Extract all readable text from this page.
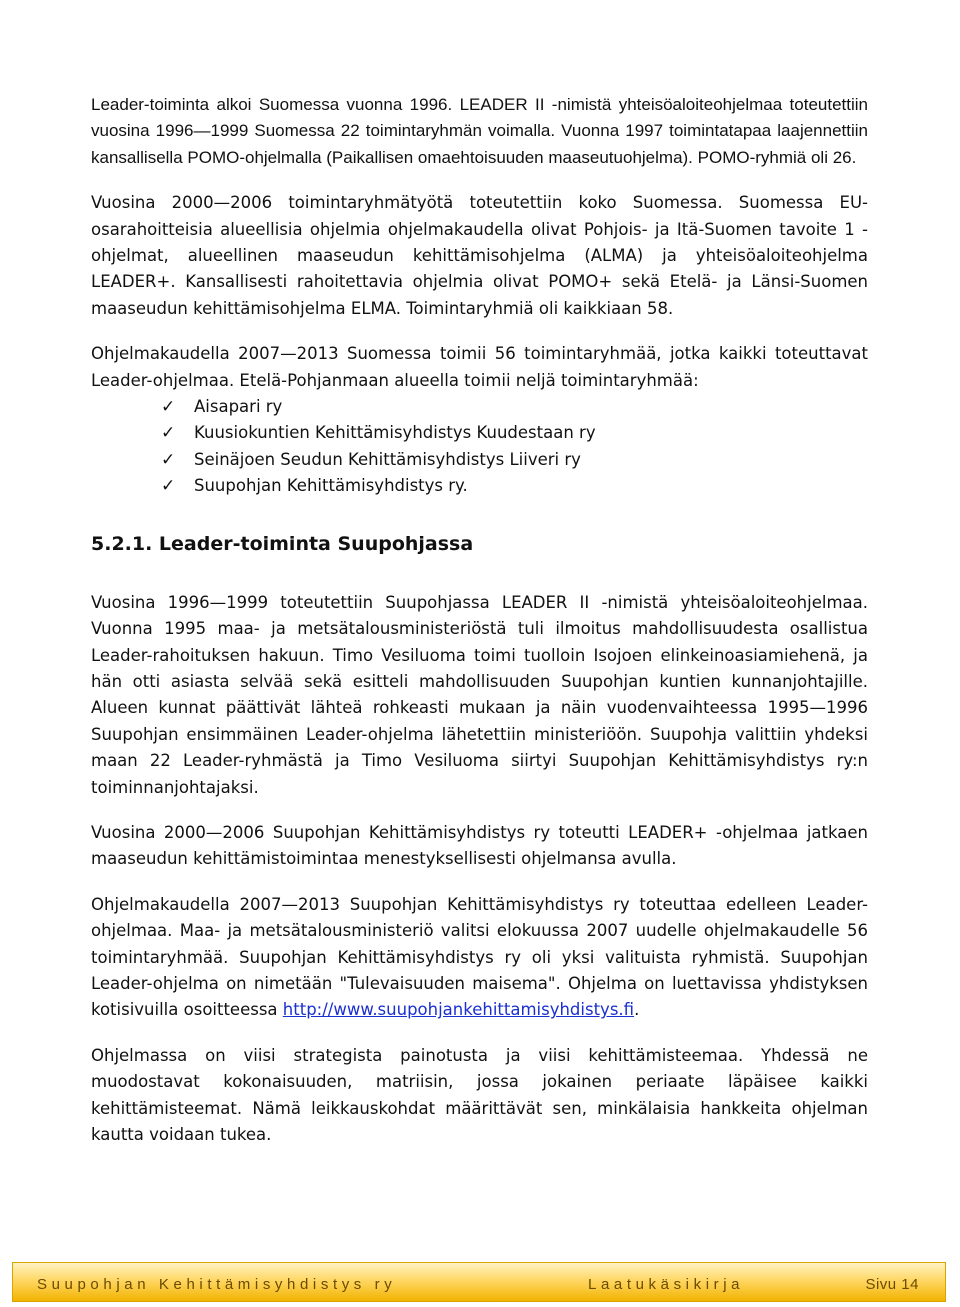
Leader-toiminta alkoi Suomessa vuonna 1996. LEADER II -nimistä yhteisöaloiteohjelmaa toteutettiin vuosina 1996—1999 Suomessa 22 toimintaryhmän voimalla. Vuonna 1997 toimintatapaa laajennettiin kansallisella POMO-ohjelmalla (Paikallisen omaehtoisuuden maaseutuohjelma). POMO-ryhmiä oli 26.

Vuosina 2000—2006 toimintaryhmätyötä toteutettiin koko Suomessa. Suomessa EU-osarahoitteisia alueellisia ohjelmia ohjelmakaudella olivat Pohjois- ja Itä-Suomen tavoite 1 -ohjelmat, alueellinen maaseudun kehittämisohjelma (ALMA) ja yhteisöaloiteohjelma LEADER+. Kansallisesti rahoitettavia ohjelmia olivat POMO+ sekä Etelä- ja Länsi-Suomen maaseudun kehittämisohjelma ELMA. Toimintaryhmiä oli kaikkiaan 58.

Ohjelmakaudella 2007—2013 Suomessa toimii 56 toimintaryhmää, jotka kaikki toteuttavat Leader-ohjelmaa. Etelä-Pohjanmaan alueella toimii neljä toimintaryhmää:

✓	Aisapari ry
✓	Kuusiokuntien Kehittämisyhdistys Kuudestaan ry
✓	Seinäjoen Seudun Kehittämisyhdistys Liiveri ry
✓	Suupohjan Kehittämisyhdistys ry.
5.2.1. Leader-toiminta Suupohjassa

Vuosina 1996—1999 toteutettiin Suupohjassa LEADER II -nimistä yhteisöaloiteohjelmaa. Vuonna 1995 maa- ja metsätalousministeriöstä tuli ilmoitus mahdollisuudesta osallistua Leader-rahoituksen hakuun. Timo Vesiluoma toimi tuolloin Isojoen elinkeinoasiamiehenä, ja hän otti asiasta selvää sekä esitteli mahdollisuuden Suupohjan kuntien kunnanjohtajille. Alueen kunnat päättivät lähteä rohkeasti mukaan ja näin vuodenvaihteessa 1995—1996 Suupohjan ensimmäinen Leader-ohjelma lähetettiin ministeriöön. Suupohja valittiin yhdeksi maan 22 Leader-ryhmästä ja Timo Vesiluoma siirtyi Suupohjan Kehittämisyhdistys ry:n toiminnanjohtajaksi.

Vuosina 2000—2006 Suupohjan Kehittämisyhdistys ry toteutti LEADER+ -ohjelmaa jatkaen maaseudun kehittämistoimintaa menestyksellisesti ohjelmansa avulla.

Ohjelmakaudella 2007—2013 Suupohjan Kehittämisyhdistys ry toteuttaa edelleen Leader-ohjelmaa. Maa- ja metsätalousministeriö valitsi elokuussa 2007 uudelle ohjelmakaudelle 56 toimintaryhmää. Suupohjan Kehittämisyhdistys ry oli yksi valituista ryhmistä. Suupohjan Leader-ohjelma on nimetään "Tulevaisuuden maisema". Ohjelma on luettavissa yhdistyksen kotisivuilla osoitteessa http://www.suupohjankehittamisyhdistys.fi.

Ohjelmassa on viisi strategista painotusta ja viisi kehittämisteemaa. Yhdessä ne muodostavat kokonaisuuden, matriisin, jossa jokainen periaate läpäisee kaikki kehittämisteemat. Nämä leikkauskohdat määrittävät sen, minkälaisia hankkeita ohjelman kautta voidaan tukea.

Suupohjan Kehittämisyhdistys ry	Laatukäsikirja	Sivu 14
